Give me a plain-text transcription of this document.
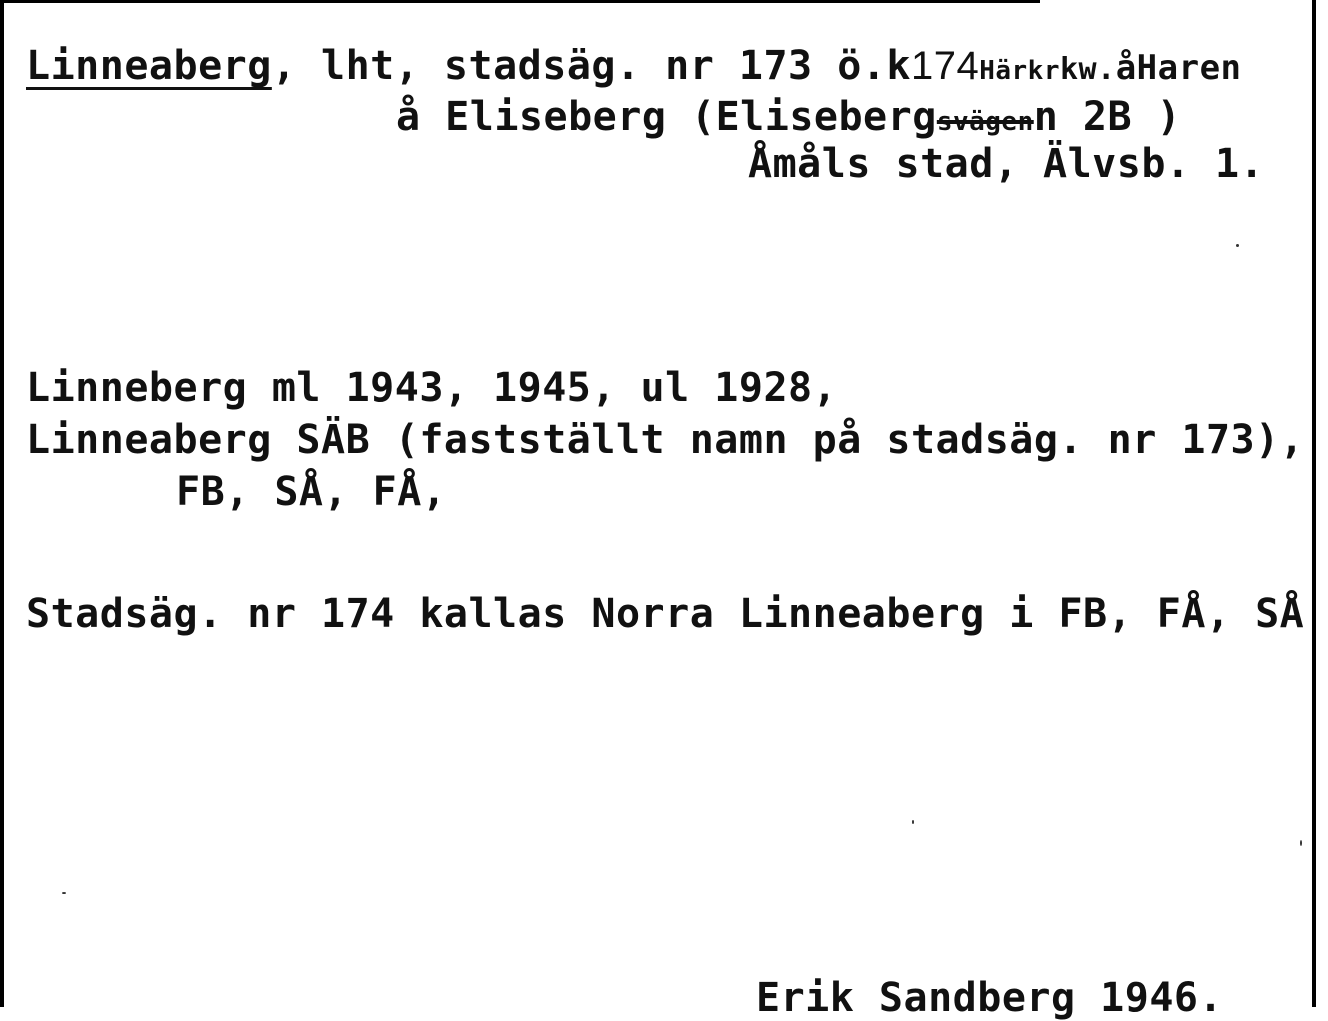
Linneaberg, lht, stadsäg. nr 173 ö.k174Härkrkw.åHaren
å Eliseberg (Elisebergsvägenn 2B )
Åmåls stad, Älvsb. 1.
Linneberg ml 1943, 1945, ul 1928,
Linneaberg SÄB (fastställt namn på stadsäg. nr 173),
FB, SÅ, FÅ,
Stadsäg. nr 174 kallas Norra Linneaberg i FB, FÅ, SÅ
Erik Sandberg 1946.
